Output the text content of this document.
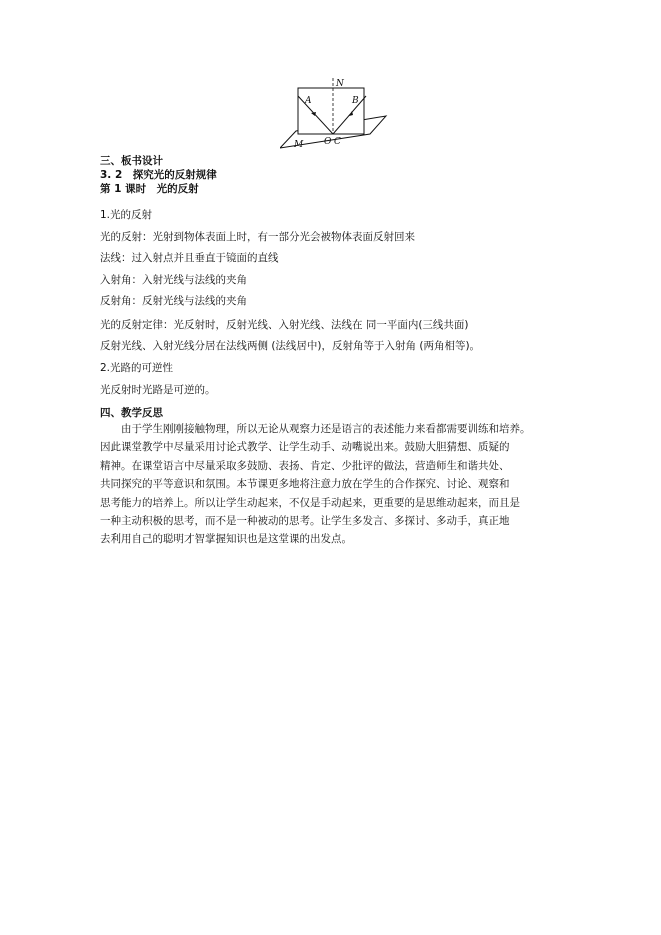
N
A	B
O C
M
三、板书设计
3. 2　探究光的反射规律
第 1 课时　光的反射
1.光的反射
光的反射：光射到物体表面上时，有一部分光会被物体表面反射回来
法线：过入射点并且垂直于镜面的直线
入射角：入射光线与法线的夹角
反射角：反射光线与法线的夹角
光的反射定律：光反射时，反射光线、入射光线、法线在 同一平面内(三线共面)
反射光线、入射光线分居在法线两侧 (法线居中)，反射角等于入射角 (两角相等)。
2.光路的可逆性
光反射时光路是可逆的。
四、教学反思
　　由于学生刚刚接触物理，所以无论从观察力还是语言的表述能力来看都需要训练和培养。
因此课堂教学中尽量采用讨论式教学、让学生动手、动嘴说出来。鼓励大胆猜想、质疑的
精神。在课堂语言中尽量采取多鼓励、表扬、肯定、少批评的做法，营造师生和谐共处、
共同探究的平等意识和氛围。本节课更多地将注意力放在学生的合作探究、讨论、观察和
思考能力的培养上。所以让学生动起来，不仅是手动起来，更重要的是思维动起来，而且是
一种主动积极的思考，而不是一种被动的思考。让学生多发言、多探讨、多动手，真正地
去利用自己的聪明才智掌握知识也是这堂课的出发点。
